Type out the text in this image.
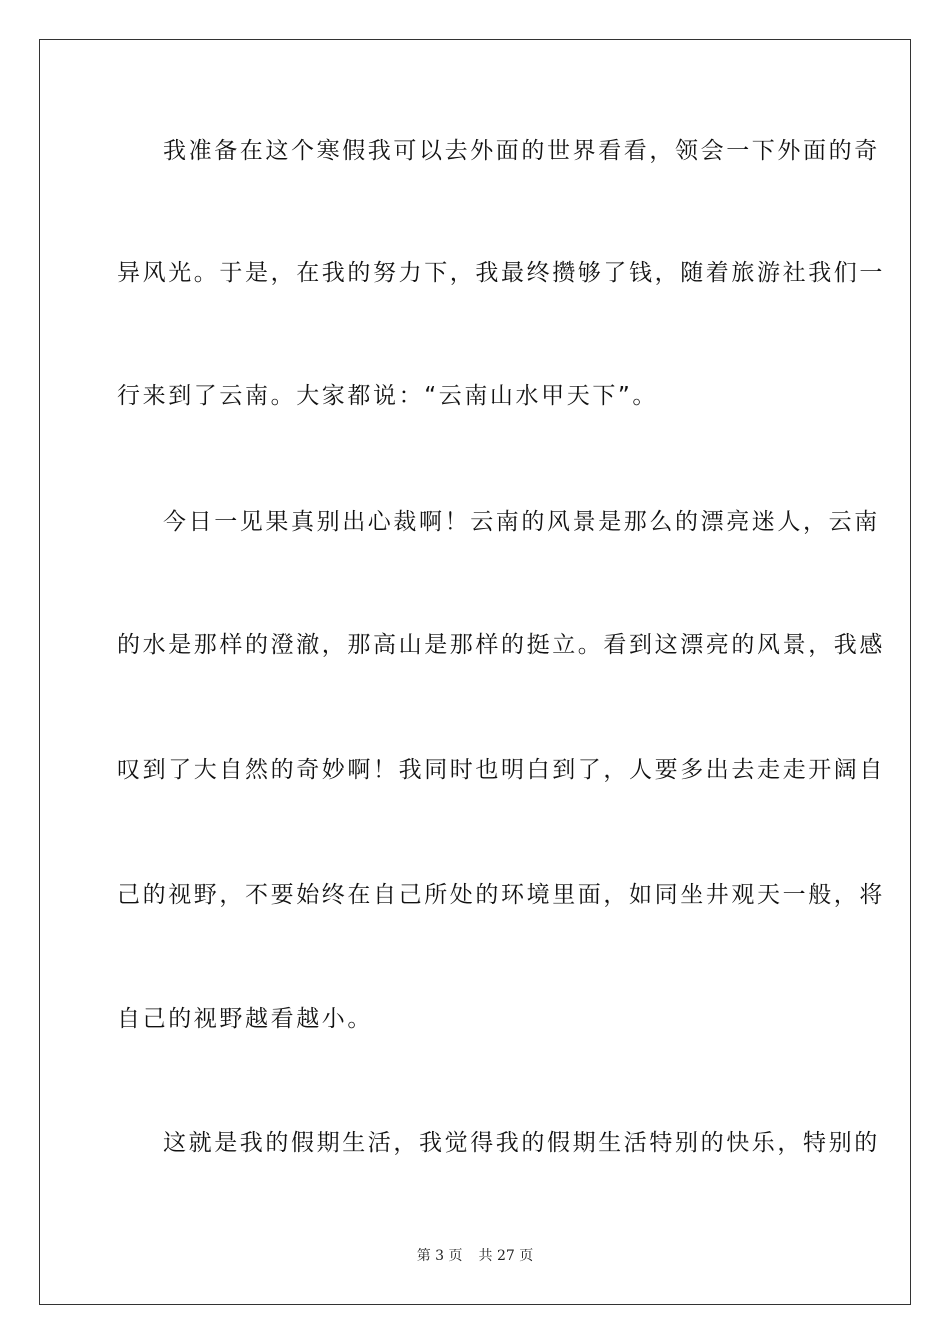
我准备在这个寒假我可以去外面的世界看看，领会一下外面的奇
异风光。于是，在我的努力下，我最终攒够了钱，随着旅游社我们一
行来到了云南。大家都说：“云南山水甲天下”。
今日一见果真别出心裁啊！云南的风景是那么的漂亮迷人，云南
的水是那样的澄澈，那高山是那样的挺立。看到这漂亮的风景，我感
叹到了大自然的奇妙啊！我同时也明白到了，人要多出去走走开阔自
己的视野，不要始终在自己所处的环境里面，如同坐井观天一般，将
自己的视野越看越小。
这就是我的假期生活，我觉得我的假期生活特别的快乐，特别的
第 3 页 共 27 页
